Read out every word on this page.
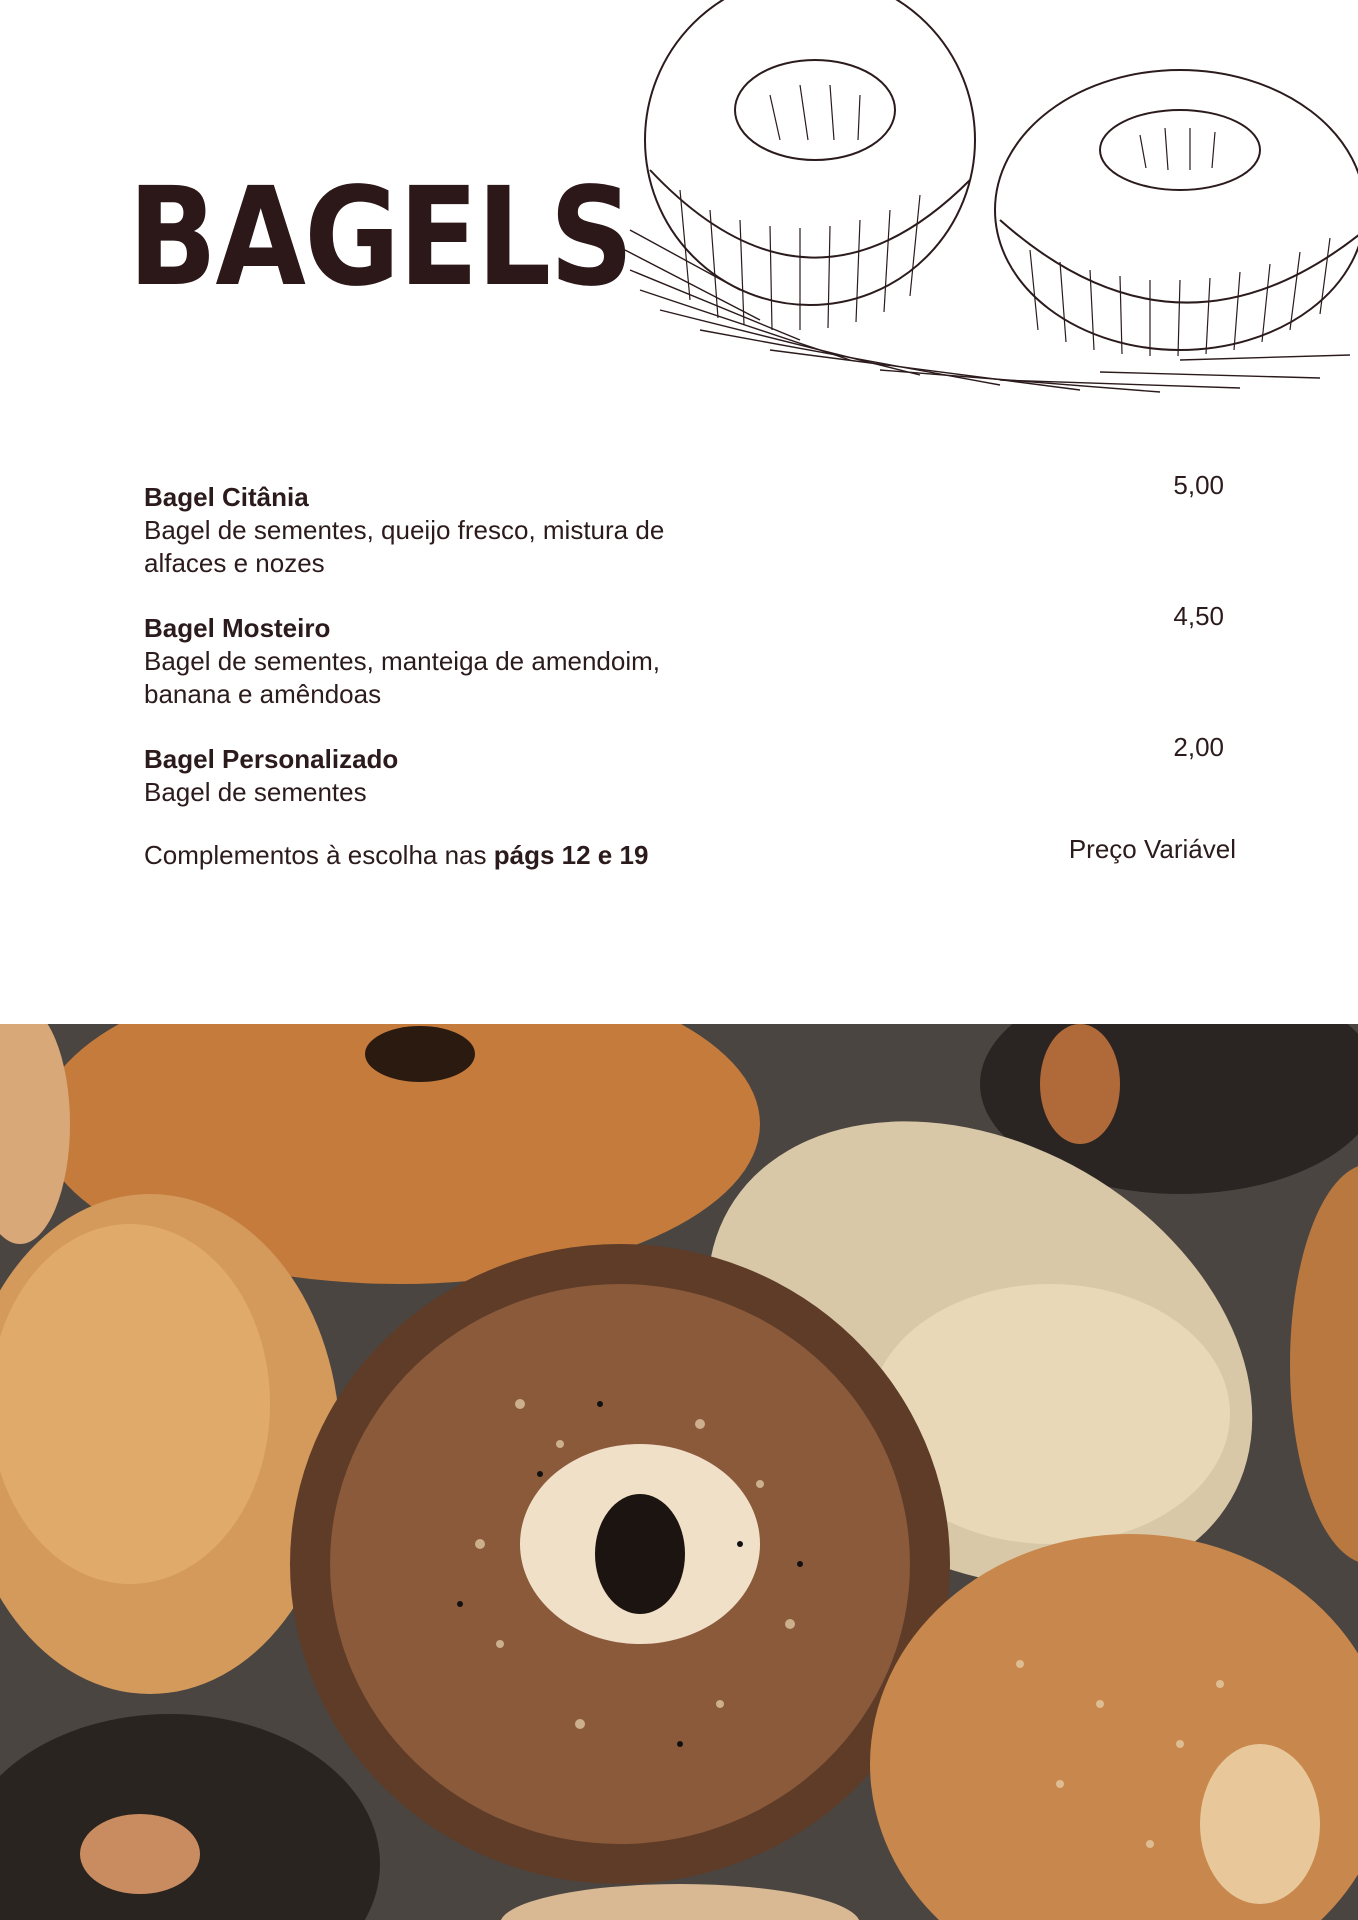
BAGELS
Bagel Citânia
Bagel de sementes, queijo fresco, mistura de alfaces e nozes
5,00
Bagel Mosteiro
Bagel de sementes, manteiga de amendoim, banana e amêndoas
4,50
Bagel Personalizado
Bagel de sementes
2,00
Complementos à escolha nas págs 12 e 19	Preço Variável
